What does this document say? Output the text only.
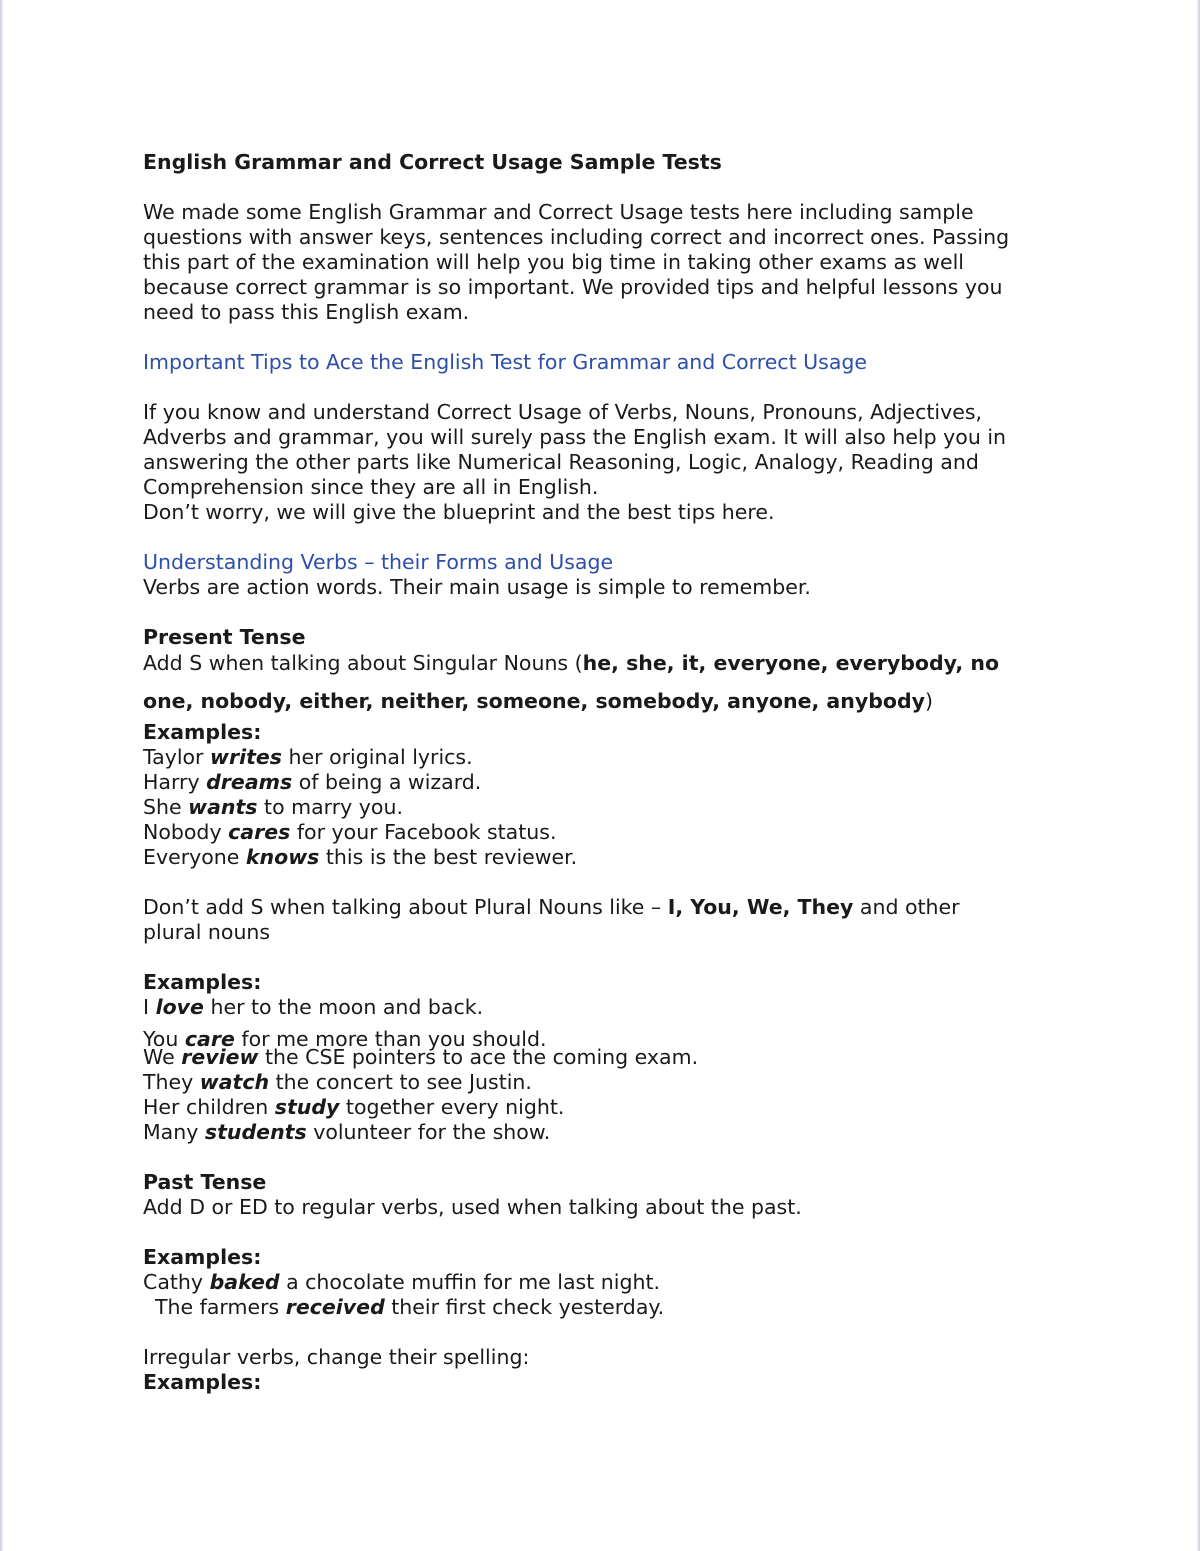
English Grammar and Correct Usage Sample Tests

We made some English Grammar and Correct Usage tests here including sample

questions with answer keys, sentences including correct and incorrect ones. Passing

this part of the examination will help you big time in taking other exams as well

because correct grammar is so important. We provided tips and helpful lessons you

need to pass this English exam.

Important Tips to Ace the English Test for Grammar and Correct Usage

If you know and understand Correct Usage of Verbs, Nouns, Pronouns, Adjectives,

Adverbs and grammar, you will surely pass the English exam. It will also help you in

answering the other parts like Numerical Reasoning, Logic, Analogy, Reading and

Comprehension since they are all in English.

Don’t worry, we will give the blueprint and the best tips here.

Understanding Verbs – their Forms and Usage

Verbs are action words. Their main usage is simple to remember.

Present Tense

Add S when talking about Singular Nouns (he, she, it, everyone, everybody, no

one, nobody, either, neither, someone, somebody, anyone, anybody)

Examples:

Taylor writes her original lyrics.

Harry dreams of being a wizard.

She wants to marry you.

Nobody cares for your Facebook status.

Everyone knows this is the best reviewer.

Don’t add S when talking about Plural Nouns like – I, You, We, They and other

plural nouns

Examples:

I love her to the moon and back.

You care for me more than you should.

We review the CSE pointers to ace the coming exam.

They watch the concert to see Justin.

Her children study together every night.

Many students volunteer for the show.

Past Tense

Add D or ED to regular verbs, used when talking about the past.

Examples:

Cathy baked a chocolate muffin for me last night.

The farmers received their first check yesterday.

Irregular verbs, change their spelling:

Examples:
